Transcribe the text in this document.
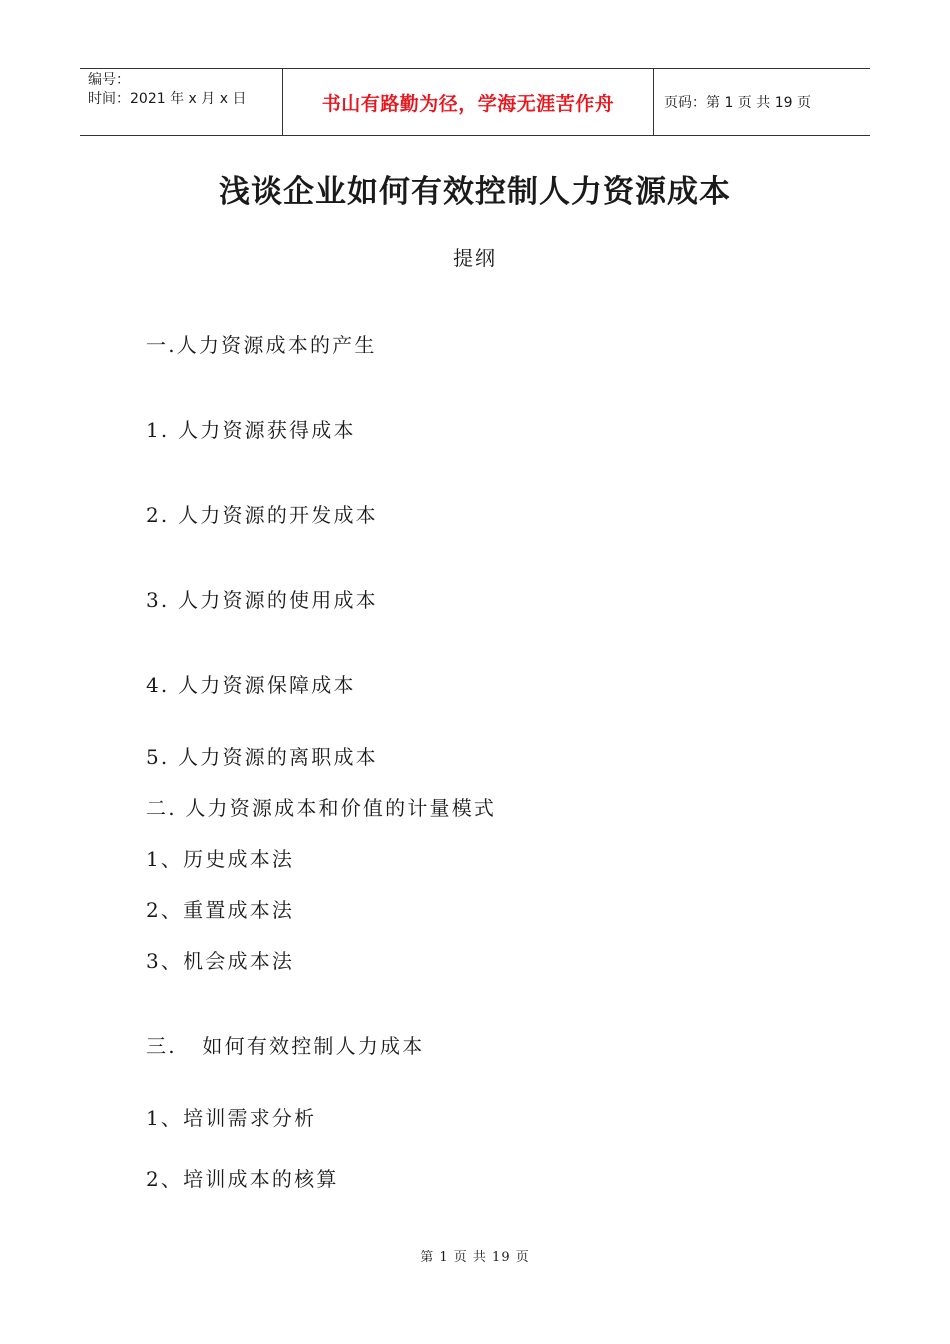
编号：
时间：2021 年 x 月 x 日	书山有路勤为径，学海无涯苦作舟	页码：第 1 页 共 19 页
浅谈企业如何有效控制人力资源成本
提纲
一.人力资源成本的产生
1. 人力资源获得成本
2. 人力资源的开发成本
3. 人力资源的使用成本
4. 人力资源保障成本
5. 人力资源的离职成本
二. 人力资源成本和价值的计量模式
1、历史成本法
2、重置成本法
3、机会成本法
三.   如何有效控制人力成本
1、培训需求分析
2、培训成本的核算
第 1 页 共 19 页
